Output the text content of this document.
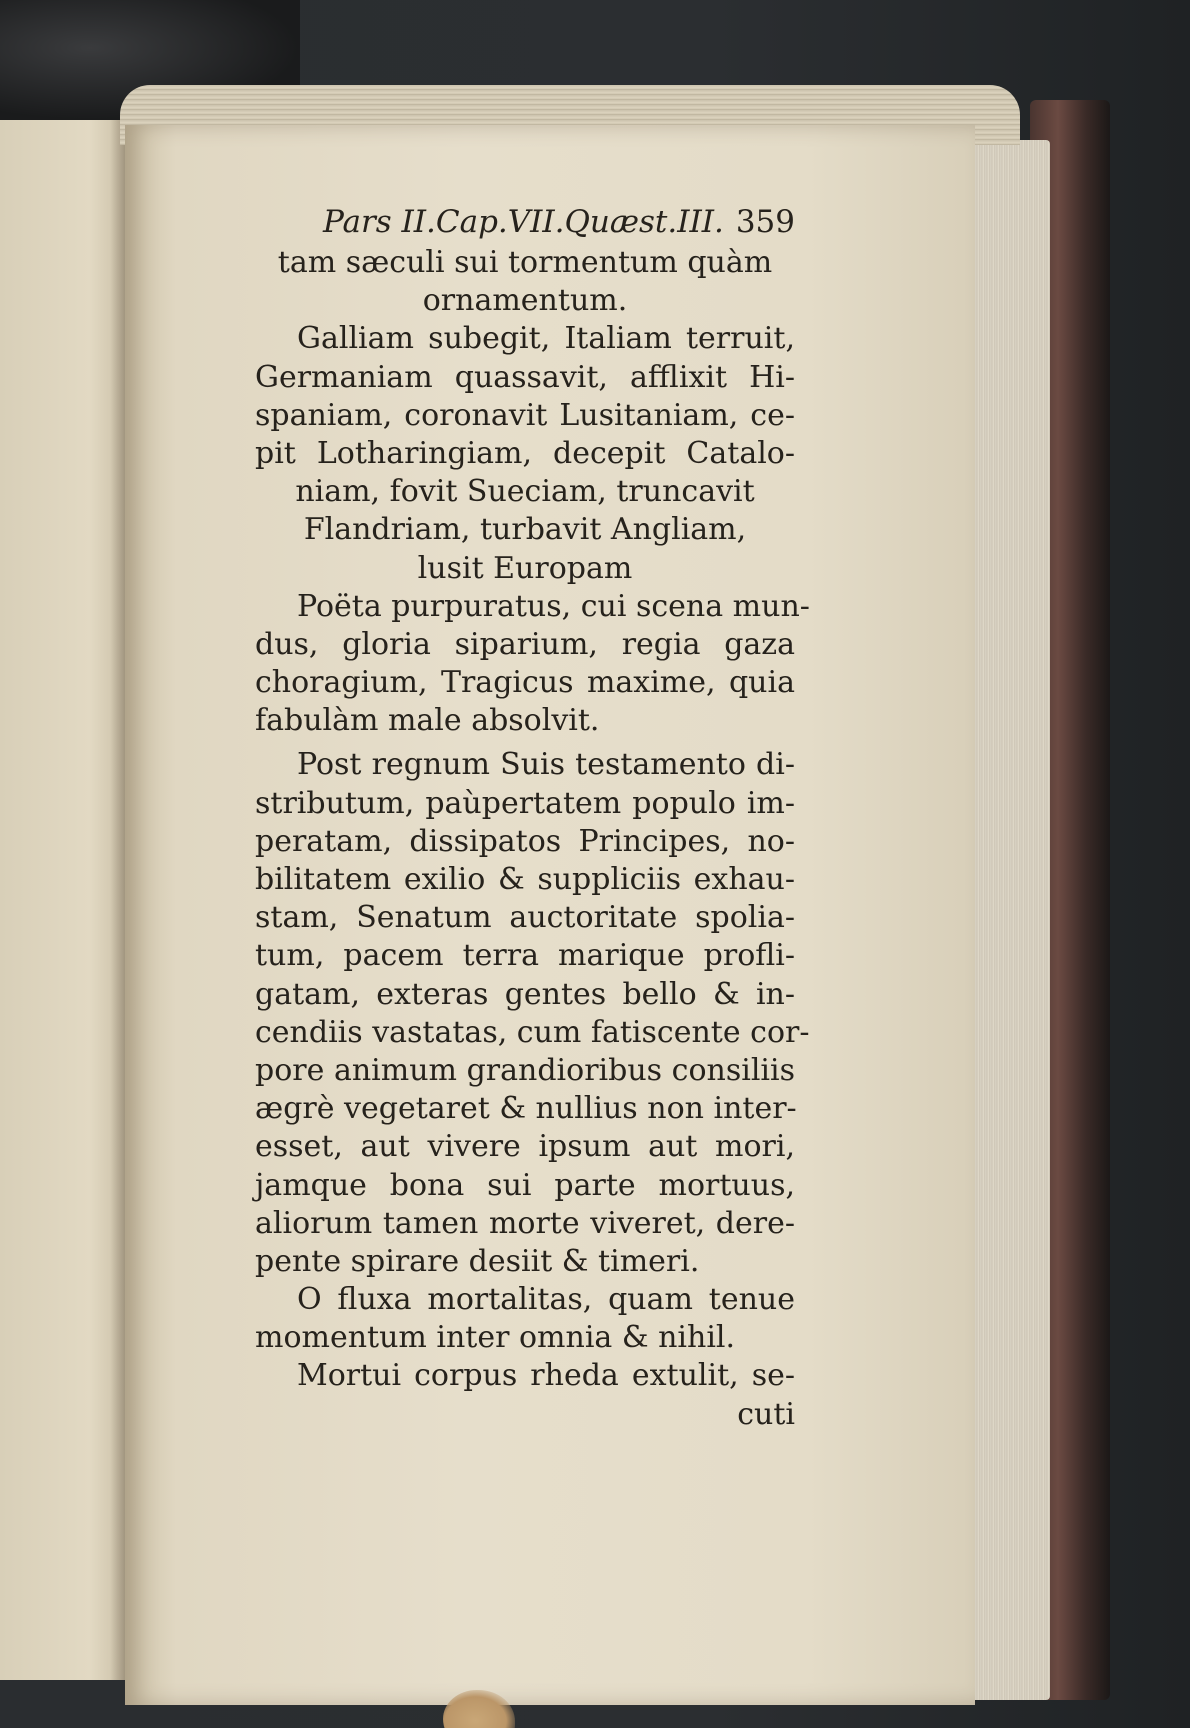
Pars II.Cap.VII.Quæst.III. 359
tam sæculi sui tormentum quàm
ornamentum.
Galliam subegit, Italiam terruit,
Germaniam quassavit, afflixit Hi-
spaniam, coronavit Lusitaniam, ce-
pit Lotharingiam, decepit Catalo-
niam, fovit Sueciam, truncavit
Flandriam, turbavit Angliam,
lusit Europam
Poëta purpuratus, cui scena mun-
dus, gloria siparium, regia gaza
choragium, Tragicus maxime, quia
fabulàm male absolvit.
Post regnum Suis testamento di-
stributum, paùpertatem populo im-
peratam, dissipatos Principes, no-
bilitatem exilio & suppliciis exhau-
stam, Senatum auctoritate spolia-
tum, pacem terra marique profli-
gatam, exteras gentes bello & in-
cendiis vastatas, cum fatiscente cor-
pore animum grandioribus consiliis
ægrè vegetaret & nullius non inter-
esset, aut vivere ipsum aut mori,
jamque bona sui parte mortuus,
aliorum tamen morte viveret, dere-
pente spirare desiit & timeri.
O fluxa mortalitas, quam tenue
momentum inter omnia & nihil.
Mortui corpus rheda extulit, se-
cuti
